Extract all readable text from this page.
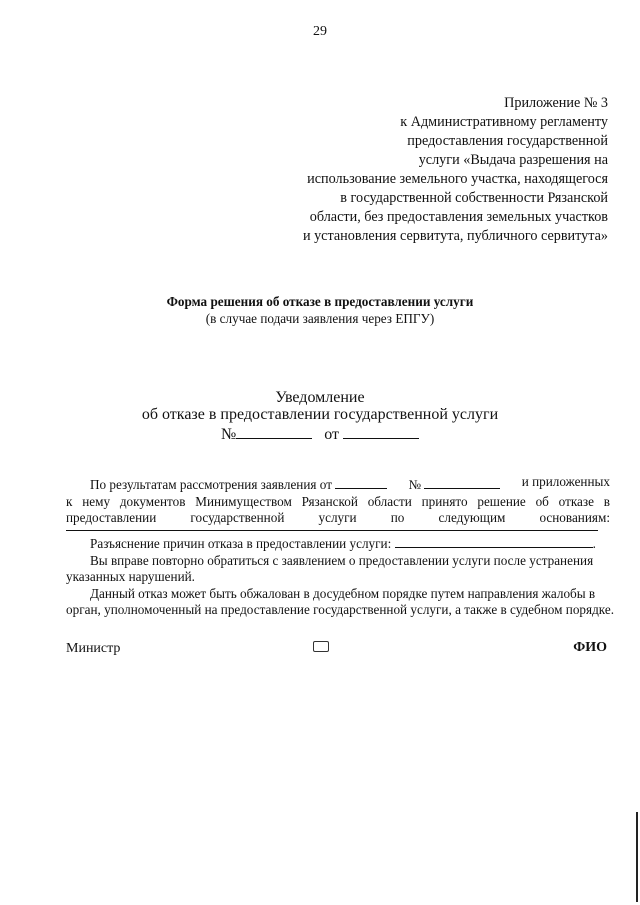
29
Приложение № 3
к Административному регламенту
предоставления государственной
услуги «Выдача разрешения на
использование земельного участка, находящегося
в государственной собственности Рязанской
области, без предоставления земельных участков
и установления сервитута, публичного сервитута»
Форма решения об отказе в предоставлении услуги
(в случае подачи заявления через ЕПГУ)
Уведомление
об отказе в предоставлении государственной услуги
№	от
По результатам рассмотрения заявления от	№	и приложенных
к нему документов Минимуществом Рязанской области принято решение об отказе в
предоставлении	государственной	услуги	по	следующим	основаниям:
Разъяснение причин отказа в предоставлении услуги:	.
Вы вправе повторно обратиться с заявлением о предоставлении услуги после устранения
указанных нарушений.
Данный отказ может быть обжалован в досудебном порядке путем направления жалобы в
орган, уполномоченный на предоставление государственной услуги, а также в судебном порядке.
Министр	ФИО
